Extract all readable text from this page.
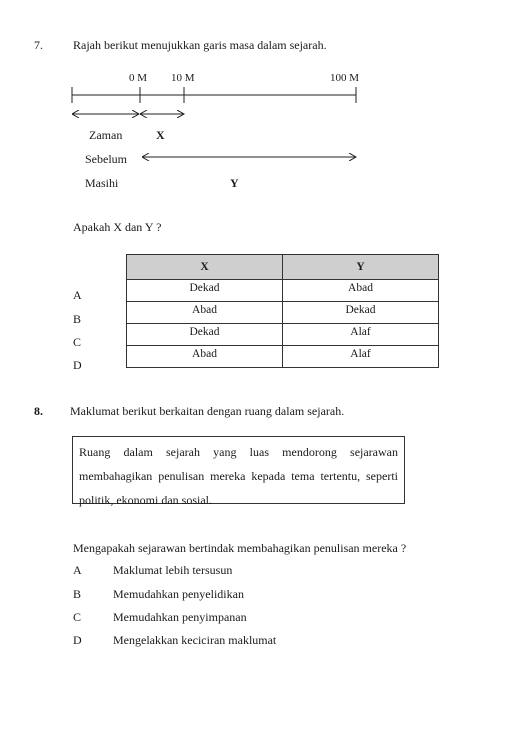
7.	Rajah berikut menujukkan garis masa dalam sejarah.
0 M 10 M	100 M
Zaman	X
Sebelum
Masihi	Y
Apakah X dan Y ?
A
B
C
D
X	Y
Dekad	Abad
Abad	Dekad
Dekad	Alaf
Abad	Alaf
8. Maklumat berikut berkaitan dengan ruang dalam sejarah.
Ruang dalam sejarah yang luas mendorong sejarawan membahagikan penulisan mereka kepada tema tertentu, seperti politik, ekonomi dan sosial.
Mengapakah sejarawan bertindak membahagikan penulisan mereka ?
A	Maklumat lebih tersusun
B	Memudahkan penyelidikan
C	Memudahkan penyimpanan
D	Mengelakkan keciciran maklumat
